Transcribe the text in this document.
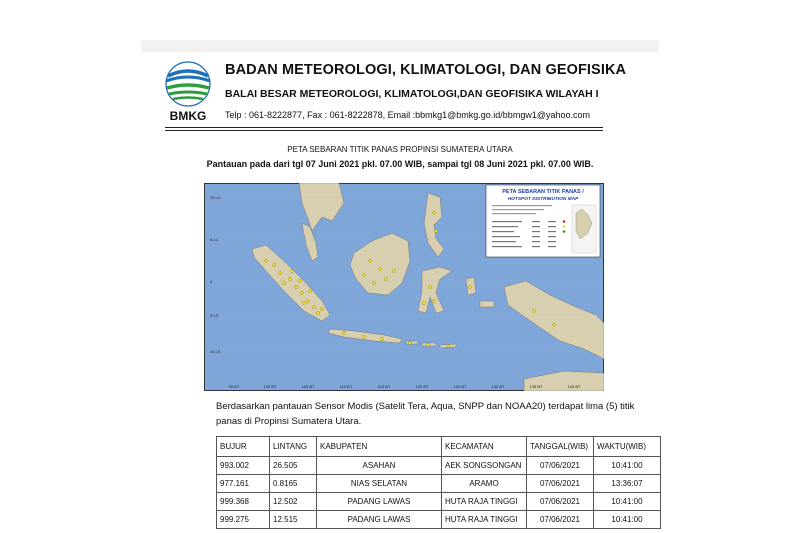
BMKG
BADAN METEOROLOGI, KLIMATOLOGI, DAN GEOFISIKA
BALAI BESAR METEOROLOGI, KLIMATOLOGI,DAN GEOFISIKA WILAYAH I
Telp : 061-8222877, Fax : 061-8222878, Email :bbmkg1@bmkg.go.id/bbmgw1@yahoo.com
PETA SEBARAN TITIK PANAS PROPINSI SUMATERA UTARA
Pantauan pada dari tgl 07 Juni 2021 pkl. 07.00 WIB, sampai tgl 08 Juni 2021 pkl. 07.00 WIB.
10 LU
5 LU
0
5 LS
10 LS
95 BT	100 BT	105 BT	110 BT	115 BT	120 BT	125 BT	130 BT	135 BT	140 BT
PETA SEBARAN TITIK PANAS /
HOTSPOT DISTRIBUTION MAP
Berdasarkan pantauan Sensor Modis (Satelit Tera, Aqua, SNPP dan NOAA20) terdapat lima (5) titik panas di Propinsi Sumatera Utara.
BUJUR	LINTANG	KABUPATEN	KECAMATAN	TANGGAL(WIB)	WAKTU(WIB)
993.002	26.505	ASAHAN	AEK SONGSONGAN	07/06/2021	10:41:00
977.161	0.8165	NIAS SELATAN	ARAMO	07/06/2021	13:36:07
999.368	12.502	PADANG LAWAS	HUTA RAJA TINGGI	07/06/2021	10:41:00
999.275	12.515	PADANG LAWAS	HUTA RAJA TINGGI	07/06/2021	10:41:00
